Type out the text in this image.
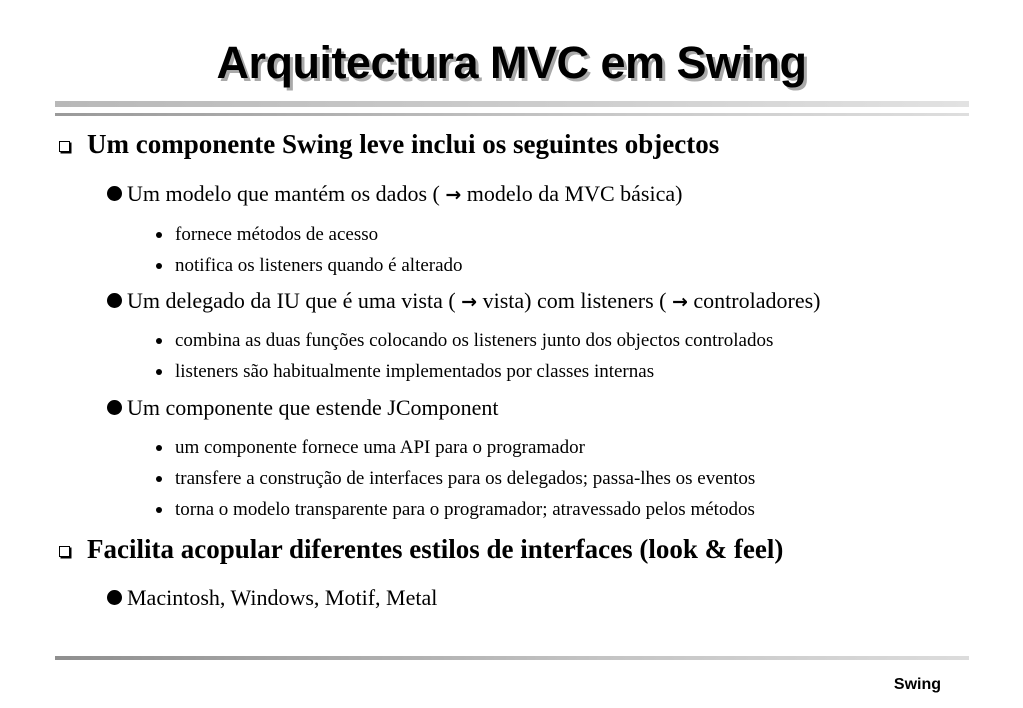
Arquitectura MVC em Swing
Um componente Swing leve inclui os seguintes objectos
Um modelo que mantém os dados ( → modelo da MVC básica)
fornece métodos de acesso
notifica os listeners quando é alterado
Um delegado da IU que é uma vista ( → vista) com listeners ( → controladores)
combina as duas funções colocando os listeners junto dos objectos controlados
listeners são habitualmente implementados por classes internas
Um componente que estende JComponent
um componente fornece uma API para o programador
transfere a construção de interfaces para os delegados; passa-lhes os eventos
torna o modelo transparente para o programador; atravessado pelos métodos
Facilita acopular diferentes estilos de interfaces (look & feel)
Macintosh, Windows, Motif, Metal
Swing
